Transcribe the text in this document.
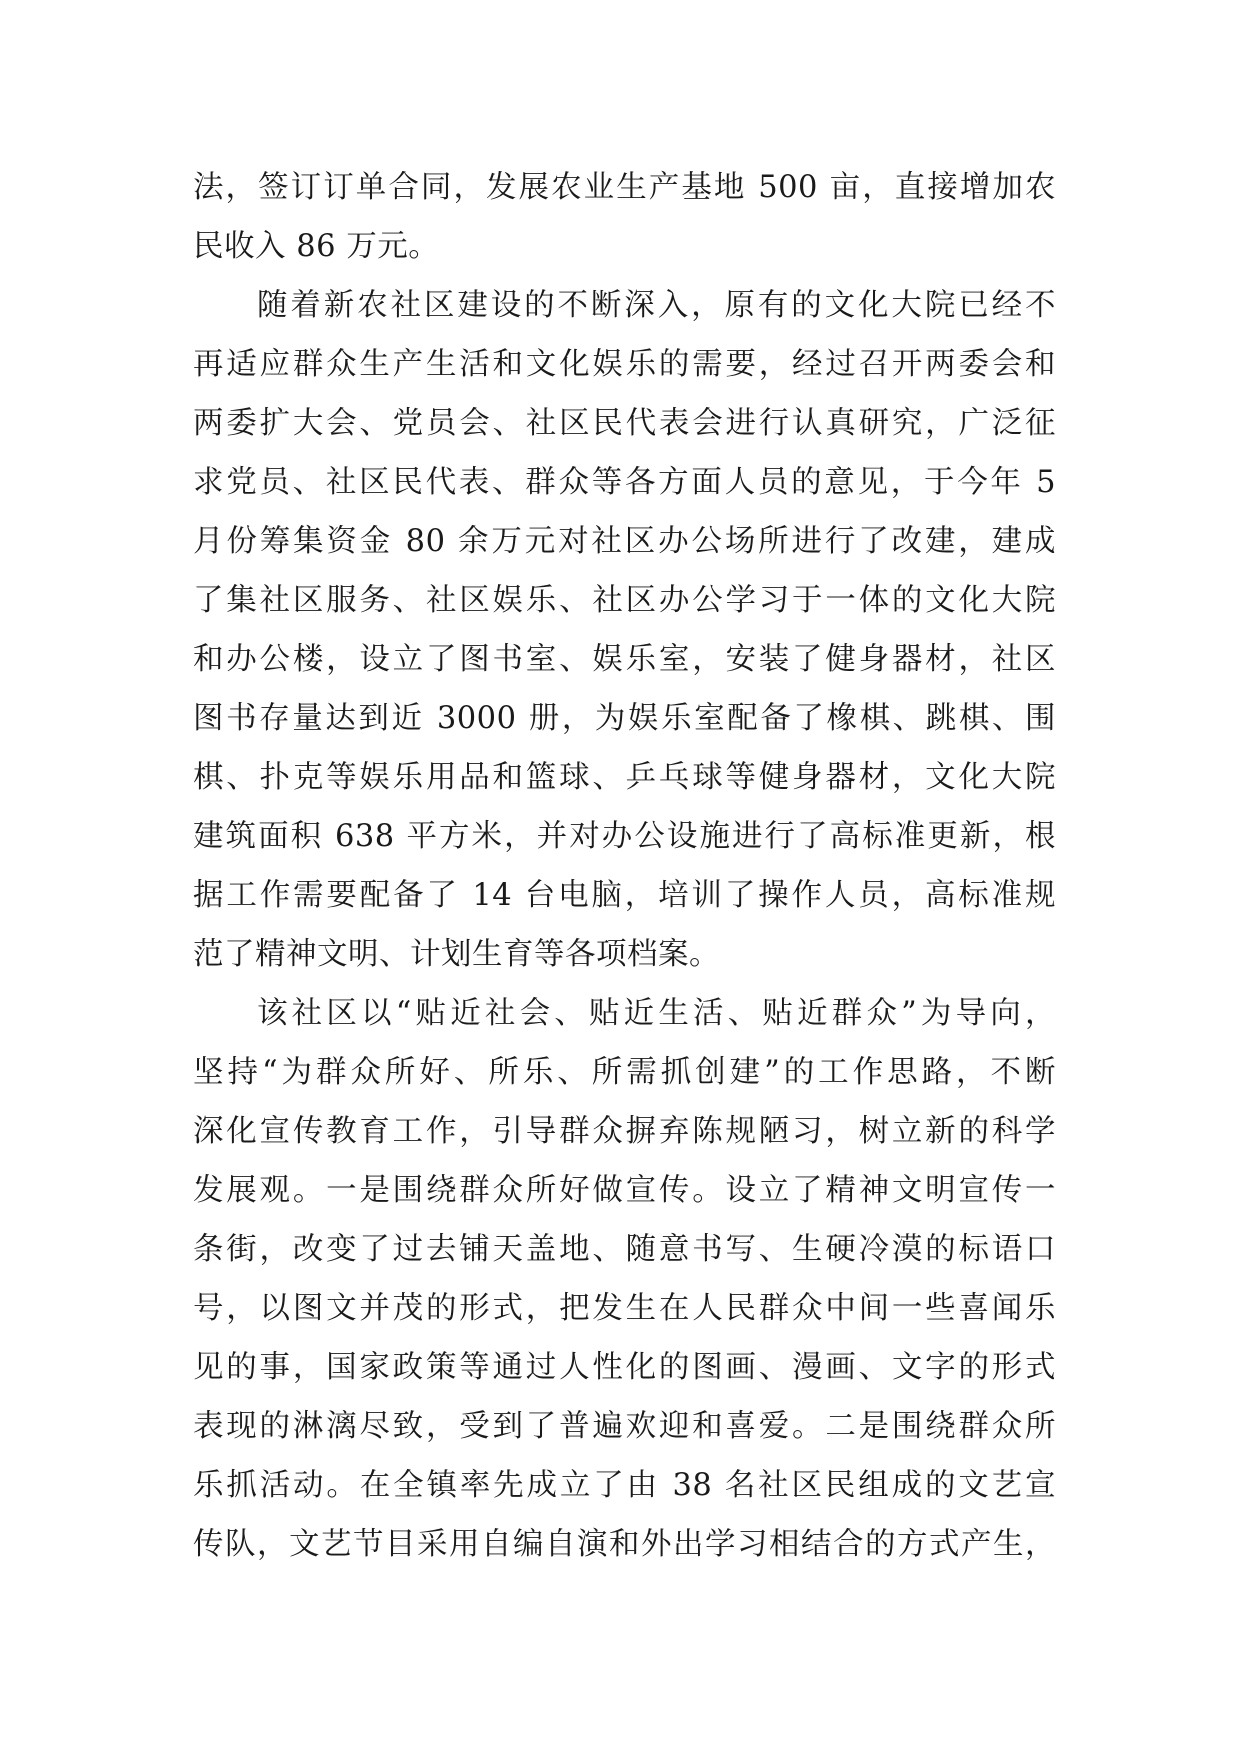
法，签订订单合同，发展农业生产基地 500 亩，直接增加农
民收入 86 万元。
随着新农社区建设的不断深入，原有的文化大院已经不
再适应群众生产生活和文化娱乐的需要，经过召开两委会和
两委扩大会、党员会、社区民代表会进行认真研究，广泛征
求党员、社区民代表、群众等各方面人员的意见，于今年 5
月份筹集资金 80 余万元对社区办公场所进行了改建，建成
了集社区服务、社区娱乐、社区办公学习于一体的文化大院
和办公楼，设立了图书室、娱乐室，安装了健身器材，社区
图书存量达到近 3000 册，为娱乐室配备了橡棋、跳棋、围
棋、扑克等娱乐用品和篮球、乒乓球等健身器材，文化大院
建筑面积 638 平方米，并对办公设施进行了高标准更新，根
据工作需要配备了 14 台电脑，培训了操作人员，高标准规
范了精神文明、计划生育等各项档案。
该社区以“贴近社会、贴近生活、贴近群众”为导向，
坚持“为群众所好、所乐、所需抓创建”的工作思路，不断
深化宣传教育工作，引导群众摒弃陈规陋习，树立新的科学
发展观。一是围绕群众所好做宣传。设立了精神文明宣传一
条街，改变了过去铺天盖地、随意书写、生硬冷漠的标语口
号，以图文并茂的形式，把发生在人民群众中间一些喜闻乐
见的事，国家政策等通过人性化的图画、漫画、文字的形式
表现的淋漓尽致，受到了普遍欢迎和喜爱。二是围绕群众所
乐抓活动。在全镇率先成立了由 38 名社区民组成的文艺宣
传队，文艺节目采用自编自演和外出学习相结合的方式产生，
